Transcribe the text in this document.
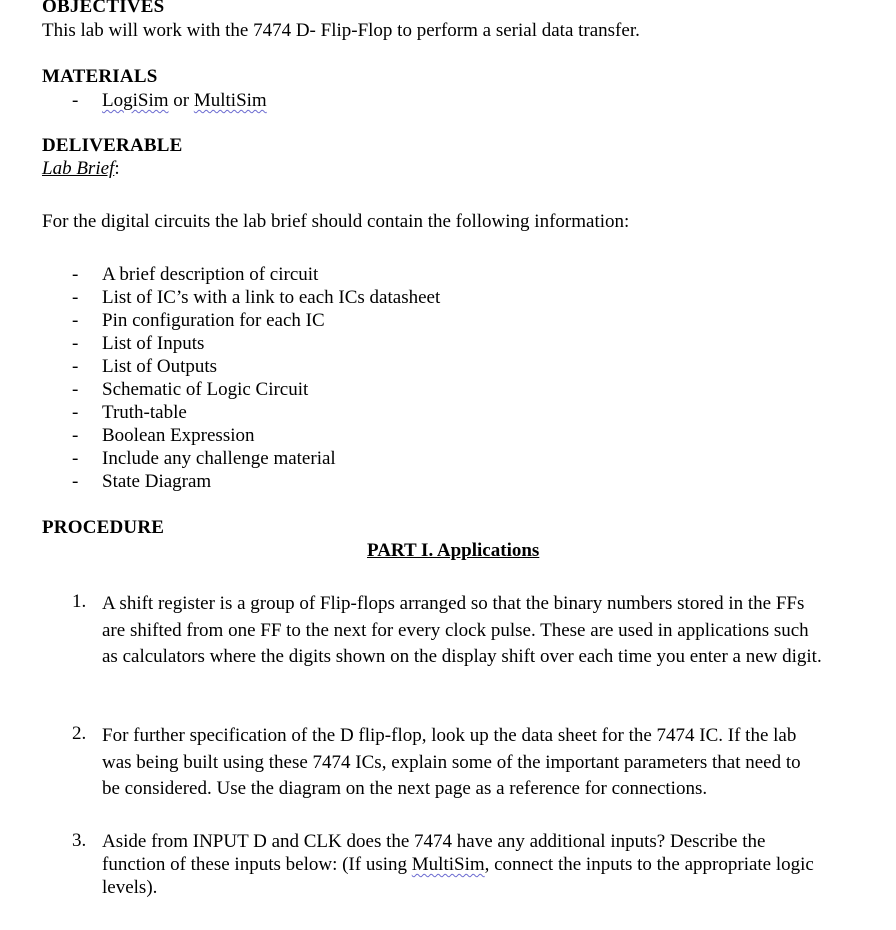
OBJECTIVES

This lab will work with the 7474 D- Flip-Flop to perform a serial data transfer.

MATERIALS

- LogiSim or MultiSim

DELIVERABLE

Lab Brief:

For the digital circuits the lab brief should contain the following information:

- A brief description of circuit
- List of IC’s with a link to each ICs datasheet
- Pin configuration for each IC
- List of Inputs
- List of Outputs
- Schematic of Logic Circuit
- Truth-table
- Boolean Expression
- Include any challenge material
- State Diagram

PROCEDURE

PART I. Applications
1. A shift register is a group of Flip-flops arranged so that the binary numbers stored in the FFs are shifted from one FF to the next for every clock pulse. These are used in applications such as calculators where the digits shown on the display shift over each time you enter a new digit.

2. For further specification of the D flip-flop, look up the data sheet for the 7474 IC. If the lab was being built using these 7474 ICs, explain some of the important parameters that need to be considered. Use the diagram on the next page as a reference for connections.

3. Aside from INPUT D and CLK does the 7474 have any additional inputs? Describe the function of these inputs below: (If using MultiSim, connect the inputs to the appropriate logic levels).
